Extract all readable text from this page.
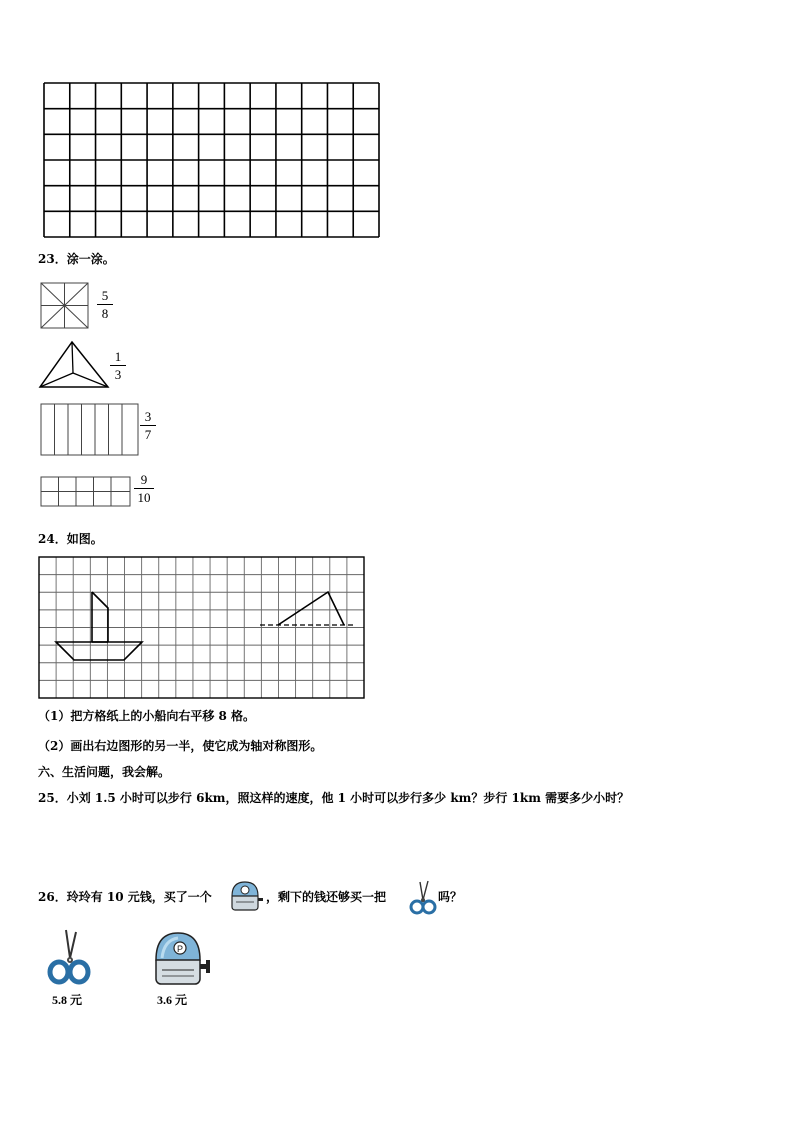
23．涂一涂。
5
8
1
3
3
7
9
10
24．如图。
（1）把方格纸上的小船向右平移 8 格。
（2）画出右边图形的另一半，使它成为轴对称图形。
六、生活问题，我会解。
25．小刘 1.5 小时可以步行 6km，照这样的速度，他 1 小时可以步行多少 km？步行 1km 需要多少小时？
26．玲玲有 10 元钱，买了一个	，剩下的钱还够买一把	吗？
5.8 元
P
3.6 元
